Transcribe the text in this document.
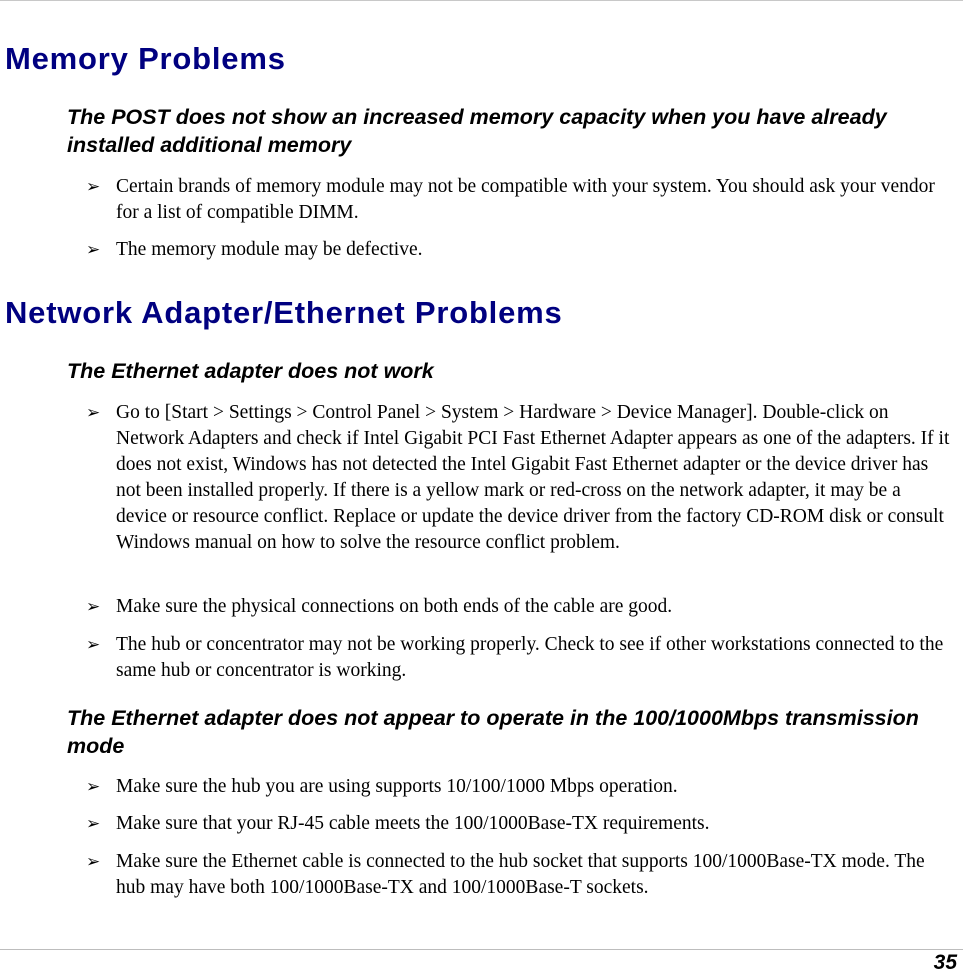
Memory Problems
The POST does not show an increased memory capacity when you have already installed additional memory
➢ Certain brands of memory module may not be compatible with your system. You should ask your vendor for a list of compatible DIMM.
➢ The memory module may be defective.
Network Adapter/Ethernet Problems
The Ethernet adapter does not work
➢ Go to [Start > Settings > Control Panel > System > Hardware > Device Manager]. Double-click on Network Adapters and check if Intel Gigabit PCI Fast Ethernet Adapter appears as one of the adapters. If it does not exist, Windows has not detected the Intel Gigabit Fast Ethernet adapter or the device driver has not been installed properly. If there is a yellow mark or red-cross on the network adapter, it may be a device or resource conflict. Replace or update the device driver from the factory CD-ROM disk or consult Windows manual on how to solve the resource conflict problem.
➢ Make sure the physical connections on both ends of the cable are good.
➢ The hub or concentrator may not be working properly. Check to see if other workstations connected to the same hub or concentrator is working.
The Ethernet adapter does not appear to operate in the 100/1000Mbps transmission mode
➢ Make sure the hub you are using supports 10/100/1000 Mbps operation.
➢ Make sure that your RJ-45 cable meets the 100/1000Base-TX requirements.
➢ Make sure the Ethernet cable is connected to the hub socket that supports 100/1000Base-TX mode. The hub may have both 100/1000Base-TX and 100/1000Base-T sockets.
35
